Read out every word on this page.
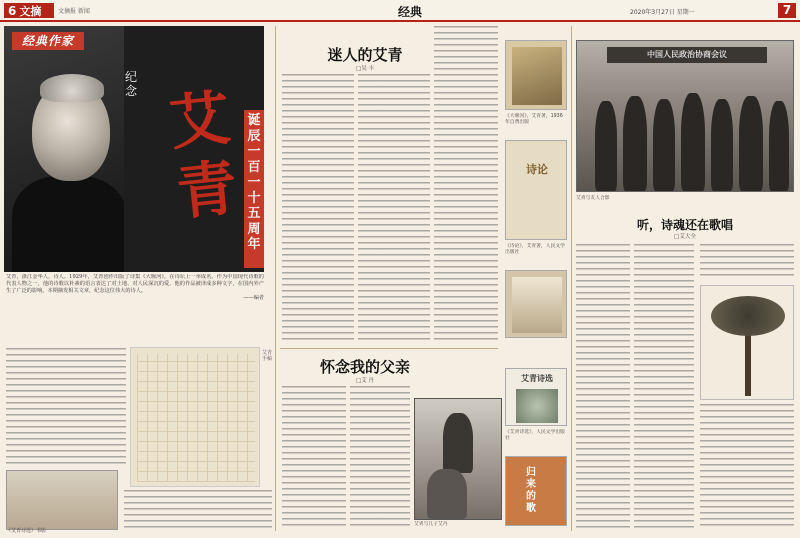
6 文摘	文摘报 新闻	经典	2020年3月27日 星期一	7
经典作家
纪念 艾青
诞辰一百一十五周年
艾青，浙江金华人，诗人。1929年，艾青创作出版了诗集《大堰河》，在诗坛上一举成名。作为中国现代诗歌的代表人物之一，他的诗歌以朴素的语言表达了对土地、对人民深沉的爱。他的作品被译成多种文字，在国内外产生了广泛的影响。本期摘发相关文章，纪念这位伟大的诗人。
——编者
艾青手稿
《艾青诗选》书影
迷人的艾青
□吴 丰
《大堰河》，艾青著，1936年自费出版
诗论
《诗论》，艾青著，人民文学出版社
怀念我的父亲
□艾 丹
艾青与儿子艾丹
艾青诗选
《艾青诗选》，人民文学出版社
归来的歌
中国人民政治协商会议
艾青与友人合影
听，诗魂还在歌唱
□艾大全
